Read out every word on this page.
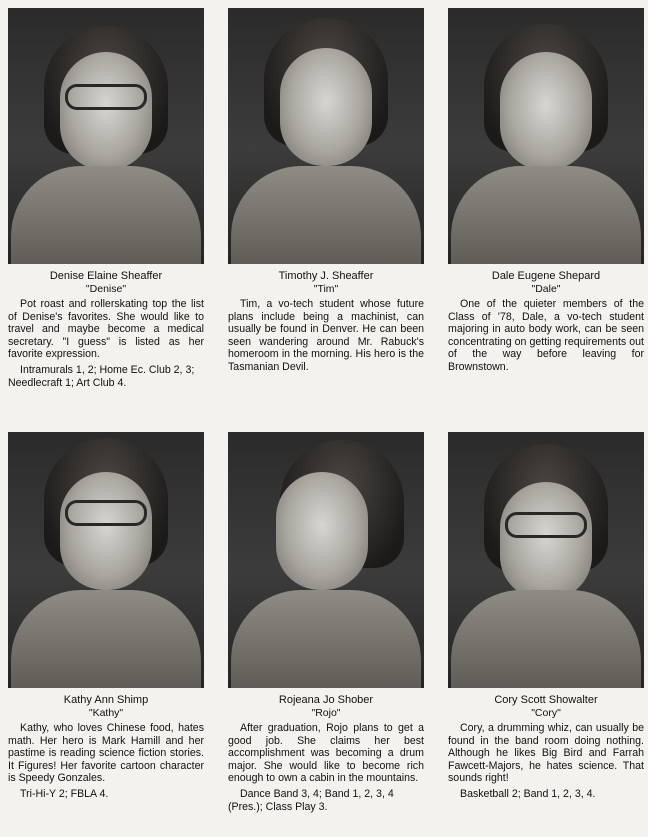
Denise Elaine Sheaffer
"Denise"

Pot roast and rollerskating top the list of Denise's favorites. She would like to travel and maybe become a medical secretary. "I guess" is listed as her favorite expression.

Intramurals 1, 2; Home Ec. Club 2, 3; Needlecraft 1; Art Club 4.

Timothy J. Sheaffer
"Tim"

Tim, a vo-tech student whose future plans include being a machinist, can usually be found in Denver. He can been seen wandering around Mr. Rabuck's homeroom in the morning. His hero is the Tasmanian Devil.

Dale Eugene Shepard
"Dale"

One of the quieter members of the Class of '78, Dale, a vo-tech student majoring in auto body work, can be seen concentrating on getting requirements out of the way before leaving for Brownstown.

Kathy Ann Shimp
"Kathy"

Kathy, who loves Chinese food, hates math. Her hero is Mark Hamill and her pastime is reading science fiction stories. It Figures! Her favorite cartoon character is Speedy Gonzales.

Tri-Hi-Y 2; FBLA 4.

Rojeana Jo Shober
"Rojo"

After graduation, Rojo plans to get a good job. She claims her best accomplishment was becoming a drum major. She would like to become rich enough to own a cabin in the mountains.

Dance Band 3, 4; Band 1, 2, 3, 4 (Pres.); Class Play 3.

Cory Scott Showalter
"Cory"

Cory, a drumming whiz, can usually be found in the band room doing nothing. Although he likes Big Bird and Farrah Fawcett-Majors, he hates science. That sounds right!

Basketball 2; Band 1, 2, 3, 4.
